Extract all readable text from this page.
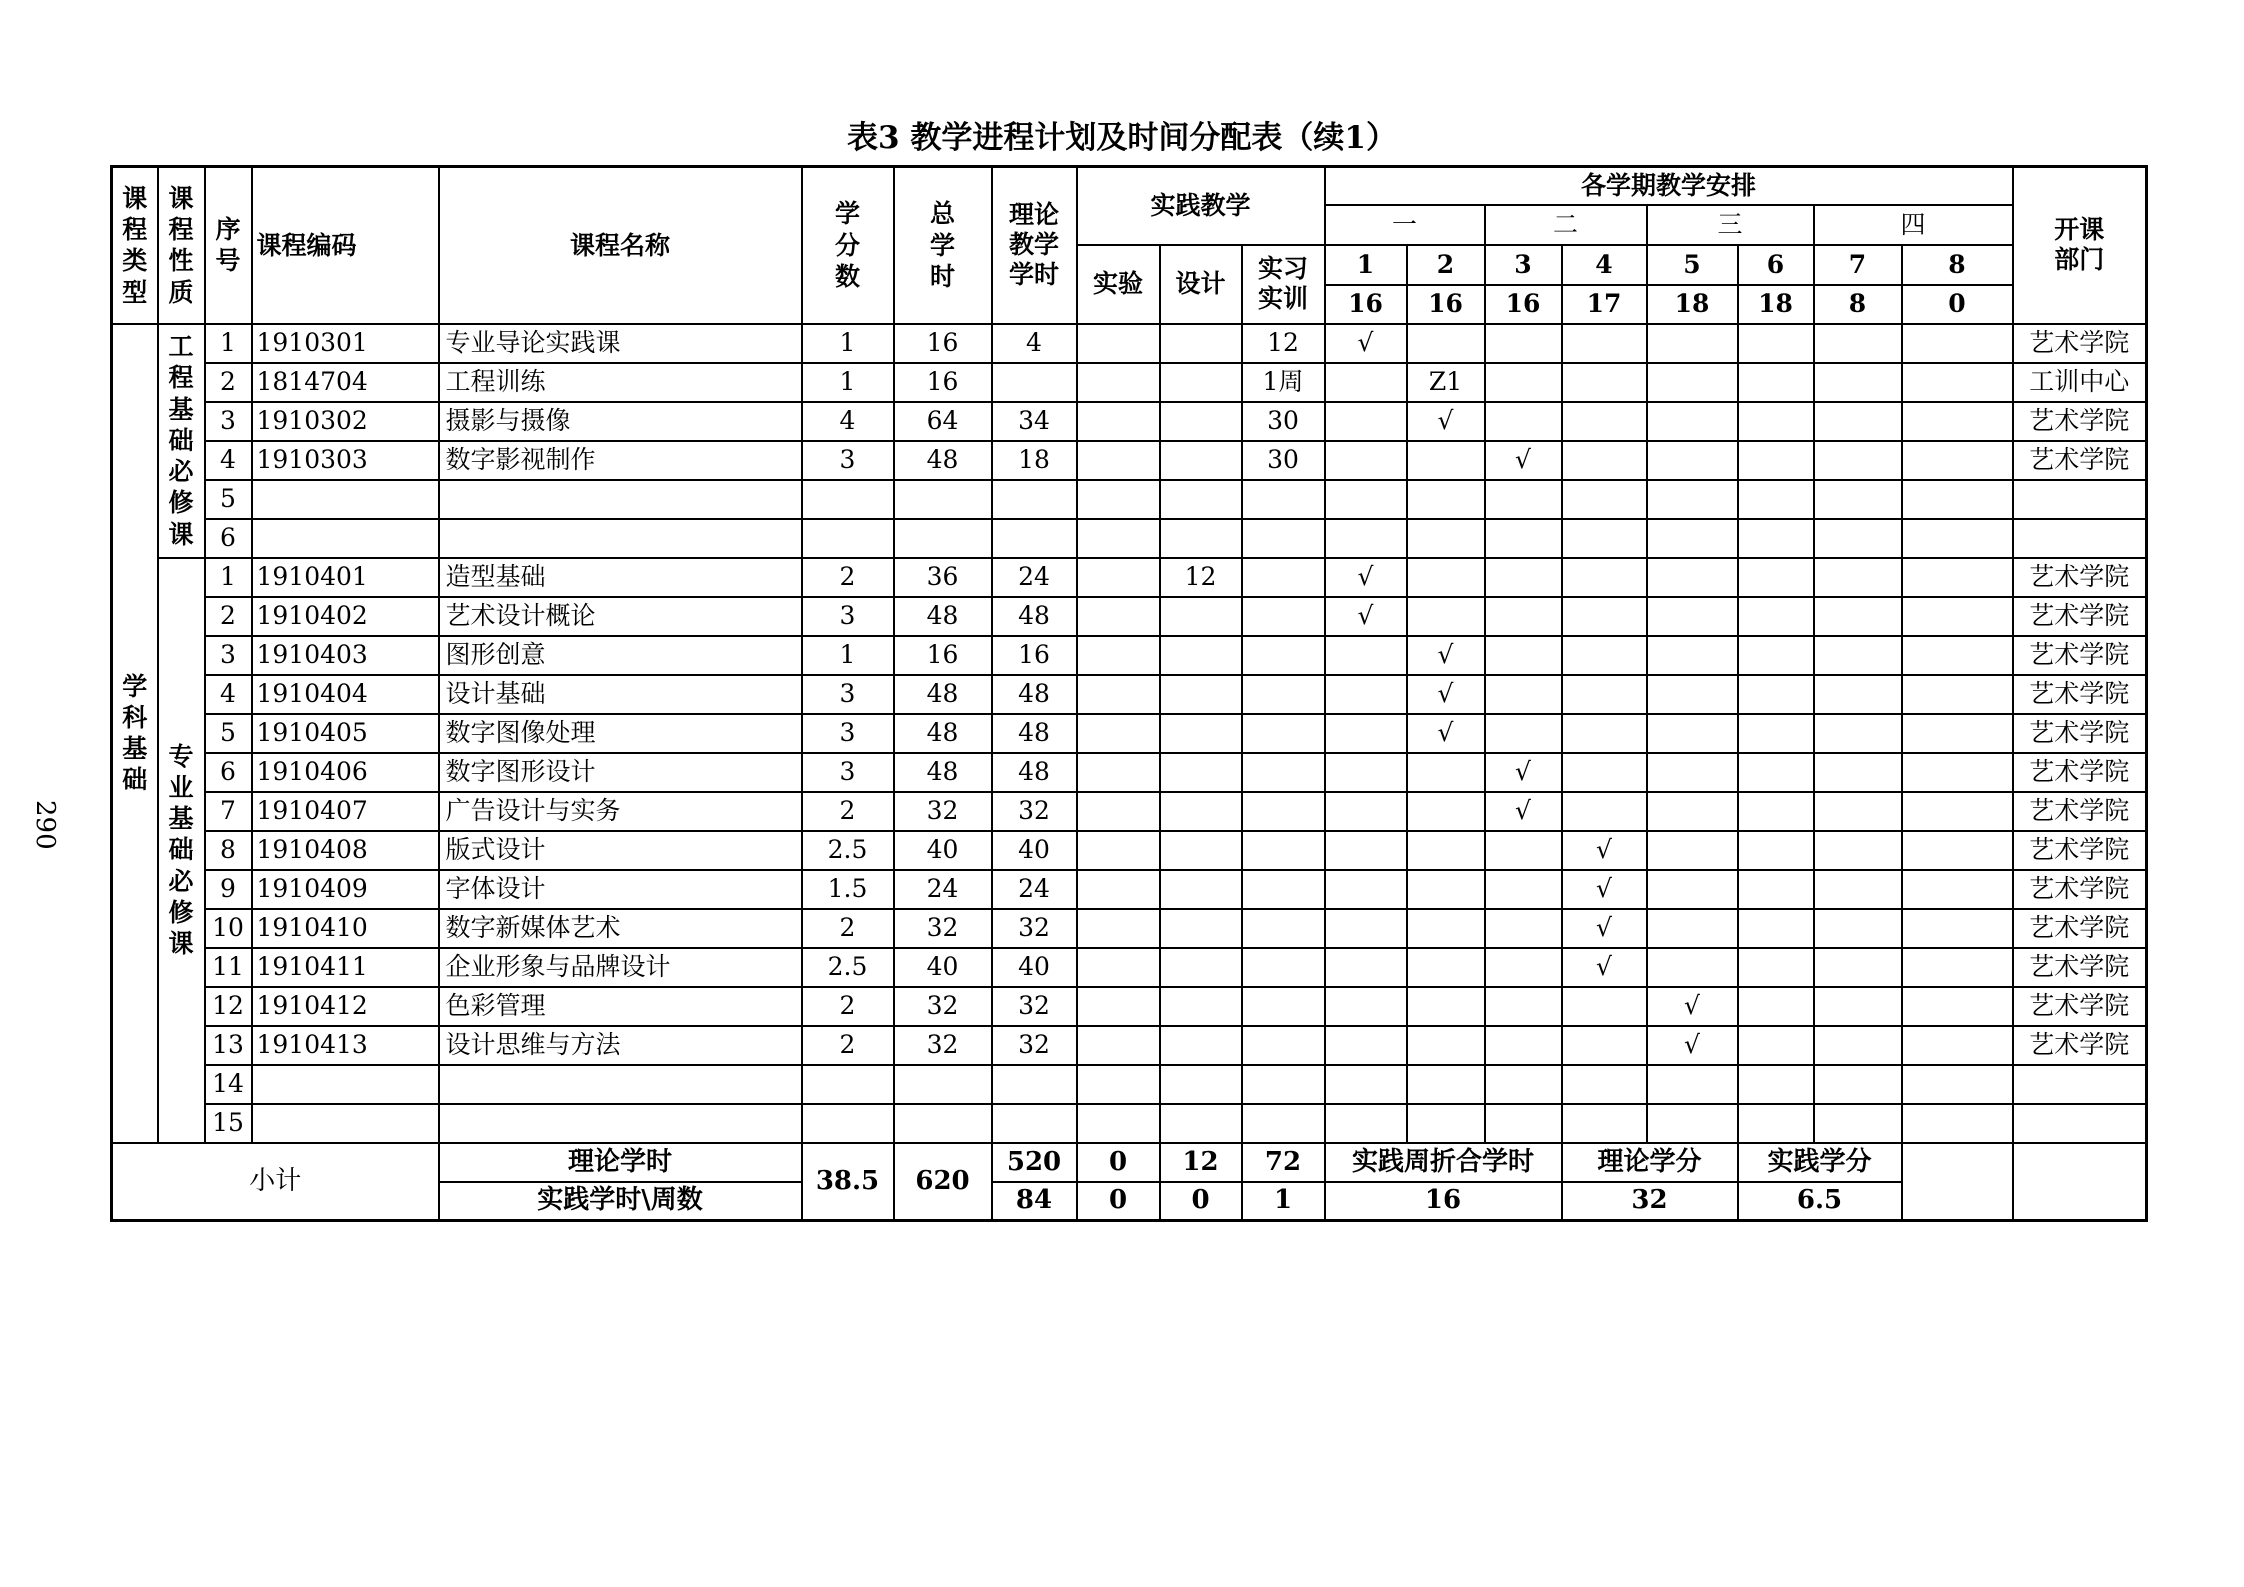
表3 教学进程计划及时间分配表（续1）
290
课程类型	课程性质	序号	课程编码	课程名称	学分数	总学时	理论教学学时	实践教学			各学期教学安排								开课部门
											一		二		三		四		
								实验	设计	实习实训	1	2	3	4	5	6	7	8	
											16	16	16	17	18	18	8	0	
学科基础	工程基础必修课	1	1910301	专业导论实践课	1	16	4			12	√								艺术学院
		2	1814704	工程训练	1	16				1周		Z1							工训中心
		3	1910302	摄影与摄像	4	64	34			30		√							艺术学院
		4	1910303	数字影视制作	3	48	18			30			√						艺术学院
		5																	
		6																	
	专业基础必修课	1	1910401	造型基础	2	36	24		12		√								艺术学院
		2	1910402	艺术设计概论	3	48	48				√								艺术学院
		3	1910403	图形创意	1	16	16					√							艺术学院
		4	1910404	设计基础	3	48	48					√							艺术学院
		5	1910405	数字图像处理	3	48	48					√							艺术学院
		6	1910406	数字图形设计	3	48	48						√						艺术学院
		7	1910407	广告设计与实务	2	32	32						√						艺术学院
		8	1910408	版式设计	2.5	40	40							√					艺术学院
		9	1910409	字体设计	1.5	24	24							√					艺术学院
		10	1910410	数字新媒体艺术	2	32	32							√					艺术学院
		11	1910411	企业形象与品牌设计	2.5	40	40							√					艺术学院
		12	1910412	色彩管理	2	32	32								√				艺术学院
		13	1910413	设计思维与方法	2	32	32								√				艺术学院
		14																	
		15																	
小计				理论学时	38.5	620	520	0	12	72	实践周折合学时			理论学分		实践学分			
				实践学时\周数			84	0	0	1	16			32		6.5			
